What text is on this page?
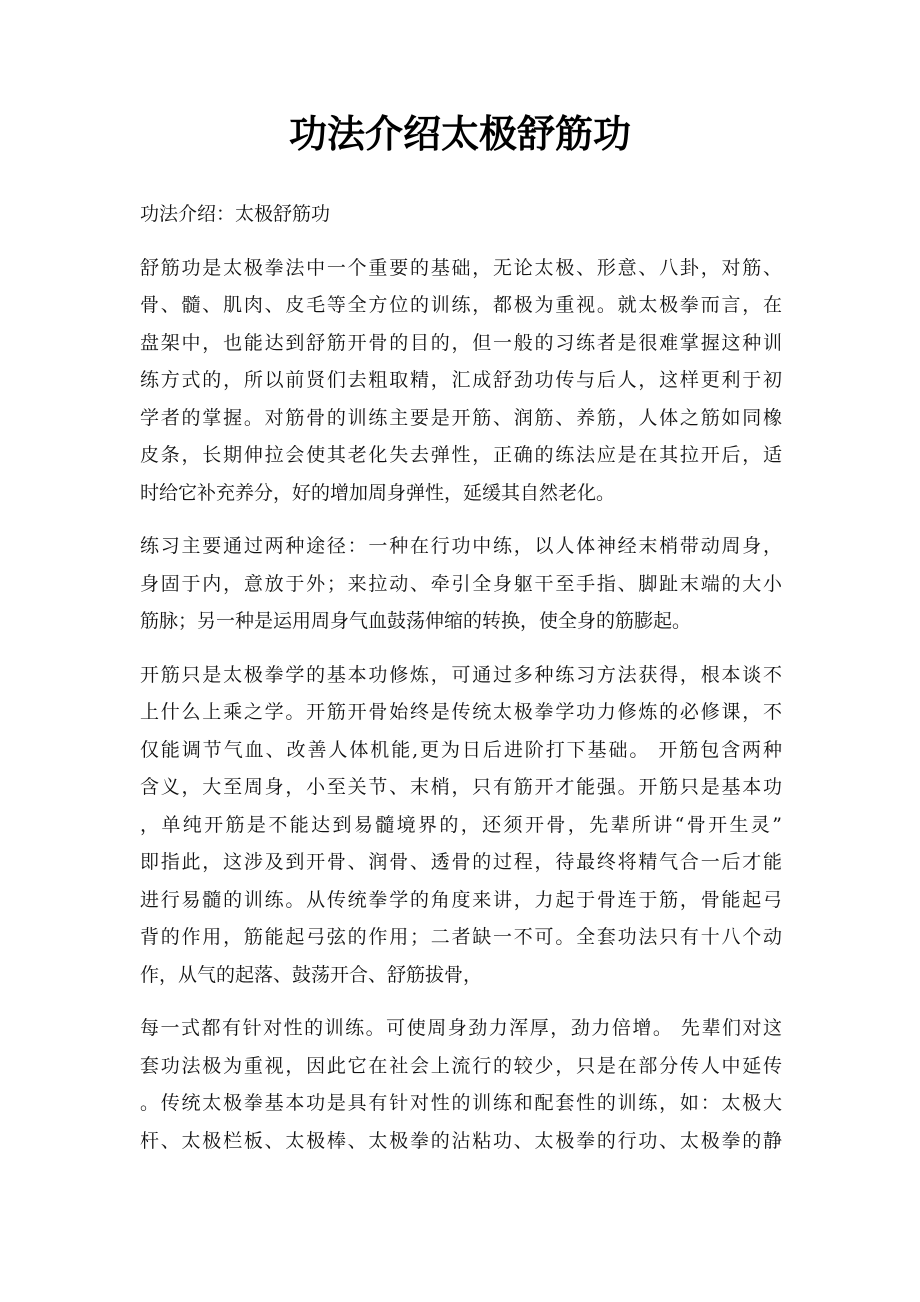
功法介绍太极舒筋功

功法介绍：太极舒筋功

舒筋功是太极拳法中一个重要的基础，无论太极、形意、八卦，对筋、
骨、髓、肌肉、皮毛等全方位的训练，都极为重视。就太极拳而言，在
盘架中，也能达到舒筋开骨的目的，但一般的习练者是很难掌握这种训
练方式的，所以前贤们去粗取精，汇成舒劲功传与后人，这样更利于初
学者的掌握。对筋骨的训练主要是开筋、润筋、养筋，人体之筋如同橡
皮条，长期伸拉会使其老化失去弹性，正确的练法应是在其拉开后，适
时给它补充养分，好的增加周身弹性，延缓其自然老化。

练习主要通过两种途径：一种在行功中练，以人体神经末梢带动周身，
身固于内，意放于外；来拉动、牵引全身躯干至手指、脚趾末端的大小
筋脉；另一种是运用周身气血鼓荡伸缩的转换，使全身的筋膨起。

开筋只是太极拳学的基本功修炼，可通过多种练习方法获得，根本谈不
上什么上乘之学。开筋开骨始终是传统太极拳学功力修炼的必修课，不
仅能调节气血、改善人体机能,更为日后进阶打下基础。 开筋包含两种
含义，大至周身，小至关节、末梢，只有筋开才能强。开筋只是基本功
，单纯开筋是不能达到易髓境界的，还须开骨，先辈所讲“骨开生灵”
即指此，这涉及到开骨、润骨、透骨的过程，待最终将精气合一后才能
进行易髓的训练。从传统拳学的角度来讲，力起于骨连于筋，骨能起弓
背的作用，筋能起弓弦的作用；二者缺一不可。全套功法只有十八个动
作，从气的起落、鼓荡开合、舒筋拔骨，

每一式都有针对性的训练。可使周身劲力浑厚，劲力倍增。 先辈们对这
套功法极为重视，因此它在社会上流行的较少，只是在部分传人中延传
。传统太极拳基本功是具有针对性的训练和配套性的训练，如：太极大
杆、太极栏板、太极棒、太极拳的沾粘功、太极拳的行功、太极拳的静
